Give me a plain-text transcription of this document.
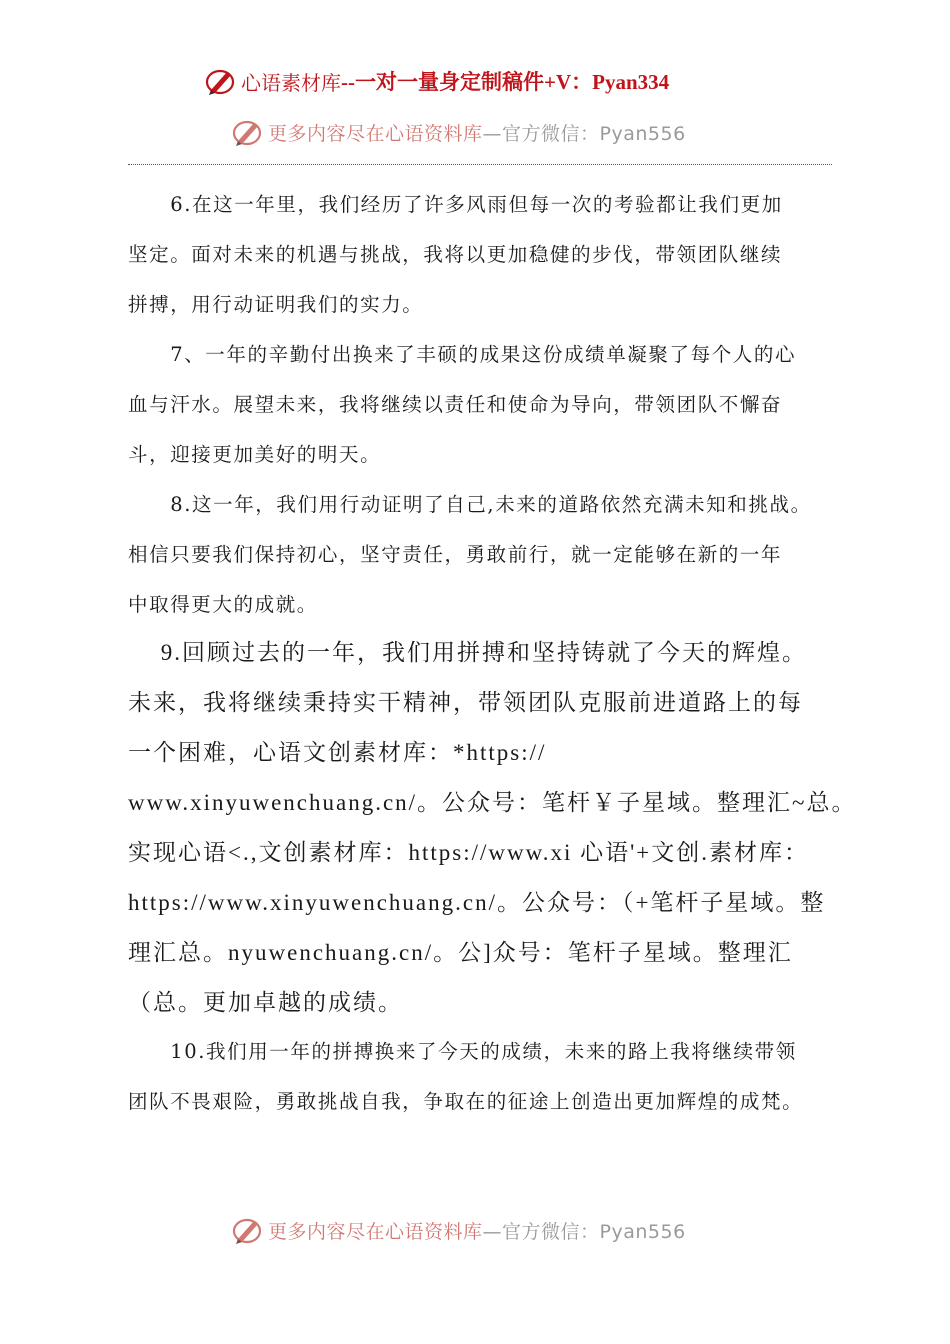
心语素材库 --一对一量身定制稿件+V：Pyan334
更多内容尽在心语资料库—官方微信：Pyan556
　　6.在这一年里，我们经历了许多风雨但每一次的考验都让我们更加
坚定。面对未来的机遇与挑战，我将以更加稳健的步伐，带领团队继续
拼搏，用行动证明我们的实力。
　　7、一年的辛勤付出换来了丰硕的成果这份成绩单凝聚了每个人的心
血与汗水。展望未来，我将继续以责任和使命为导向，带领团队不懈奋
斗，迎接更加美好的明天。
　　8.这一年，我们用行动证明了自己,未来的道路依然充满未知和挑战。
相信只要我们保持初心，坚守责任，勇敢前行，就一定能够在新的一年
中取得更大的成就。
　 9.回顾过去的一年，我们用拼搏和坚持铸就了今天的辉煌。
未来，我将继续秉持实干精神，带领团队克服前进道路上的每
一个困难，心语文创素材库：*https://
www.xinyuwenchuang.cn/。公众号：笔杆￥子星域。整理汇~总。
实现心语<.,文创素材库：https://www.xi 心语'+文创.素材库：
https://www.xinyuwenchuang.cn/。公众号：（+笔杆子星域。整
理汇总。nyuwenchuang.cn/。公]众号：笔杆子星域。整理汇
（总。更加卓越的成绩。
　　10.我们用一年的拼搏换来了今天的成绩，未来的路上我将继续带领
团队不畏艰险，勇敢挑战自我，争取在的征途上创造出更加辉煌的成梵。
更多内容尽在心语资料库—官方微信：Pyan556
